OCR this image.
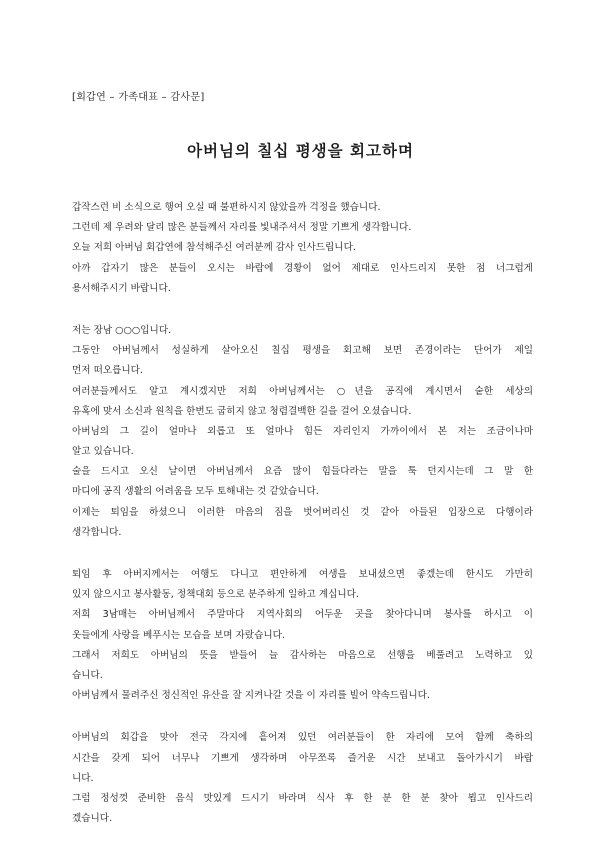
[회갑연 – 가족대표 – 감사문]
아버님의 칠십 평생을 회고하며
갑작스런 비 소식으로 행여 오실 때 불편하시지 않았을까 걱정을 했습니다.
그런데 제 우려와 달리 많은 분들께서 자리를 빛내주셔서 정말 기쁘게 생각합니다.
오늘 저희 아버님 회갑연에 참석해주신 여러분께 감사 인사드립니다.
아까 갑자기 많은 분들이 오시는 바람에 경황이 없어 제대로 인사드리지 못한 점 너그럽게
용서해주시기 바랍니다.
저는 장남 ○○○입니다.
그동안 아버님께서 성실하게 살아오신 칠십 평생을 회고해 보면 존경이라는 단어가 제일
먼저 떠오릅니다.
여러분들께서도 알고 계시겠지만 저희 아버님께서는 ○년을 공직에 계시면서 숱한 세상의
유혹에 맞서 소신과 원칙을 한번도 굽히지 않고 청렴결백한 길을 걸어 오셨습니다.
아버님의 그 길이 얼마나 외롭고 또 얼마나 힘든 자리인지 가까이에서 본 저는 조금이나마
알고 있습니다.
술을 드시고 오신 날이면 아버님께서 요즘 많이 힘들다라는 말을 툭 던지시는데 그 말 한
마디에 공직 생활의 어려움을 모두 토해내는 것 같았습니다.
이제는 퇴임을 하셨으니 이러한 마음의 짐을 벗어버리신 것 같아 아들된 입장으로 다행이라
생각합니다.
퇴임 후 아버지께서는 여행도 다니고 편안하게 여생을 보내셨으면 좋겠는데 한시도 가만히
있지 않으시고 봉사활동, 정책대회 등으로 분주하게 일하고 계십니다.
저희 3남매는 아버님께서 주말마다 지역사회의 어두운 곳을 찾아다니며 봉사를 하시고 이
웃들에게 사랑을 베푸시는 모습을 보며 자랐습니다.
그래서 저희도 아버님의 뜻을 받들어 늘 감사하는 마음으로 선행을 베풀려고 노력하고 있
습니다.
아버님께서 물려주신 정신적인 유산을 잘 지켜나갈 것을 이 자리를 빌어 약속드립니다.
아버님의 회갑을 맞아 전국 각지에 흩어져 있던 여러분들이 한 자리에 모여 함께 축하의
시간을 갖게 되어 너무나 기쁘게 생각하며 아무쪼록 즐거운 시간 보내고 돌아가시기 바랍
니다.
그럼 정성껏 준비한 음식 맛있게 드시기 바라며 식사 후 한 분 한 분 찾아 뵙고 인사드리
겠습니다.
